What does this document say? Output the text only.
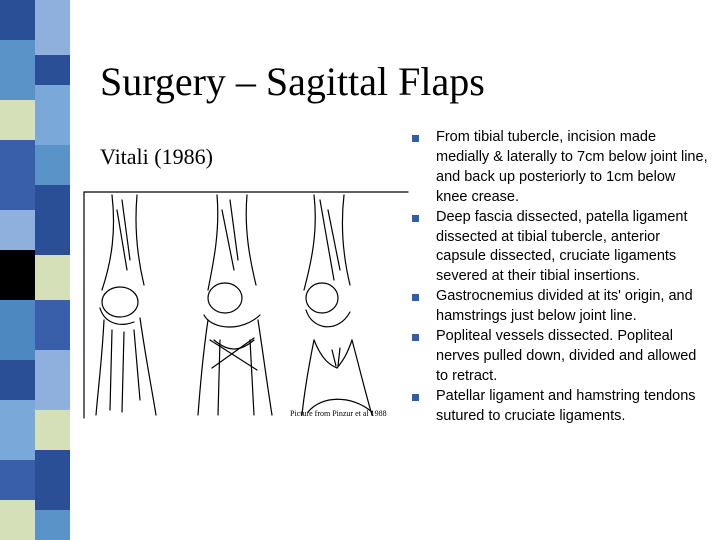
Surgery – Sagittal Flaps
Vitali (1986)
Picture from Pinzur et al 1988
From tibial tubercle, incision made medially & laterally to 7cm below joint line, and back up posteriorly to 1cm below knee crease.
Deep fascia dissected, patella ligament dissected at tibial tubercle, anterior capsule dissected, cruciate ligaments severed at their tibial insertions.
Gastrocnemius divided at its' origin, and hamstrings just below joint line.
Popliteal vessels dissected. Popliteal nerves pulled down, divided and allowed to retract.
Patellar ligament and hamstring tendons sutured to cruciate ligaments.
